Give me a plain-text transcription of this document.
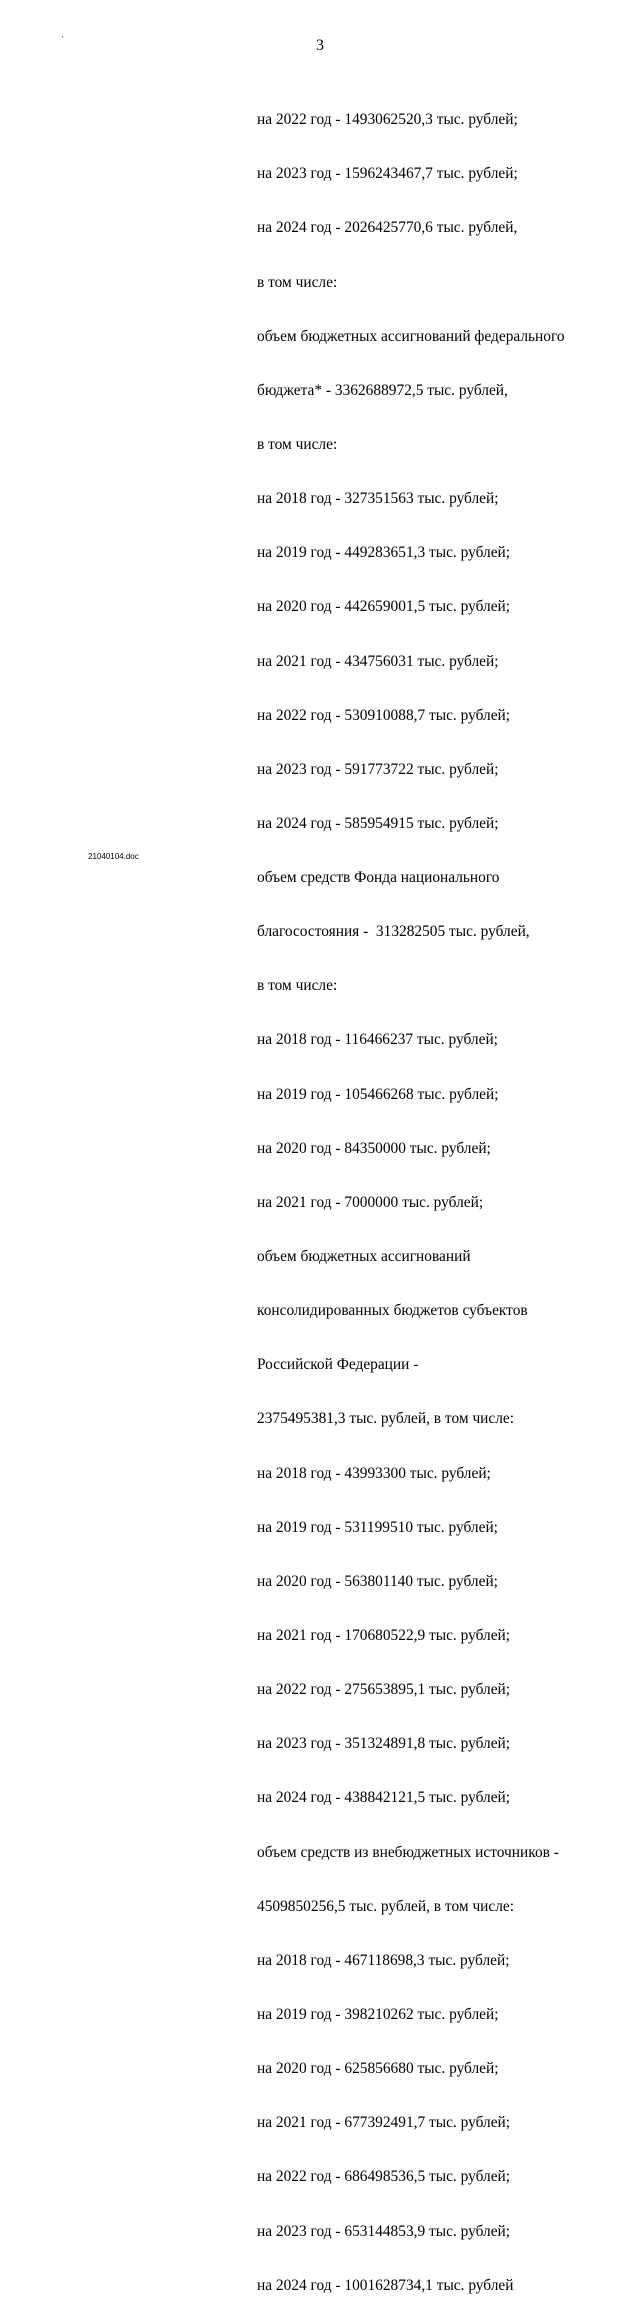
3

на 2022 год - 1493062520,3 тыс. рублей;

на 2023 год - 1596243467,7 тыс. рублей;

на 2024 год - 2026425770,6 тыс. рублей,

в том числе:

объем бюджетных ассигнований федерального

бюджета* - 3362688972,5 тыс. рублей,

в том числе:

на 2018 год - 327351563 тыс. рублей;

на 2019 год - 449283651,3 тыс. рублей;

на 2020 год - 442659001,5 тыс. рублей;

на 2021 год - 434756031 тыс. рублей;

на 2022 год - 530910088,7 тыс. рублей;

на 2023 год - 591773722 тыс. рублей;

на 2024 год - 585954915 тыс. рублей;

объем средств Фонда национального

благосостояния -  313282505 тыс. рублей,

в том числе:

на 2018 год - 116466237 тыс. рублей;

на 2019 год - 105466268 тыс. рублей;

на 2020 год - 84350000 тыс. рублей;

на 2021 год - 7000000 тыс. рублей;

объем бюджетных ассигнований

консолидированных бюджетов субъектов

Российской Федерации -

2375495381,3 тыс. рублей, в том числе:

на 2018 год - 43993300 тыс. рублей;

на 2019 год - 531199510 тыс. рублей;

на 2020 год - 563801140 тыс. рублей;

на 2021 год - 170680522,9 тыс. рублей;

на 2022 год - 275653895,1 тыс. рублей;

на 2023 год - 351324891,8 тыс. рублей;

на 2024 год - 438842121,5 тыс. рублей;

объем средств из внебюджетных источников -

4509850256,5 тыс. рублей, в том числе:

на 2018 год - 467118698,3 тыс. рублей;

на 2019 год - 398210262 тыс. рублей;

на 2020 год - 625856680 тыс. рублей;

на 2021 год - 677392491,7 тыс. рублей;

на 2022 год - 686498536,5 тыс. рублей;

на 2023 год - 653144853,9 тыс. рублей;

на 2024 год - 1001628734,1 тыс. рублей

21040104.doc
